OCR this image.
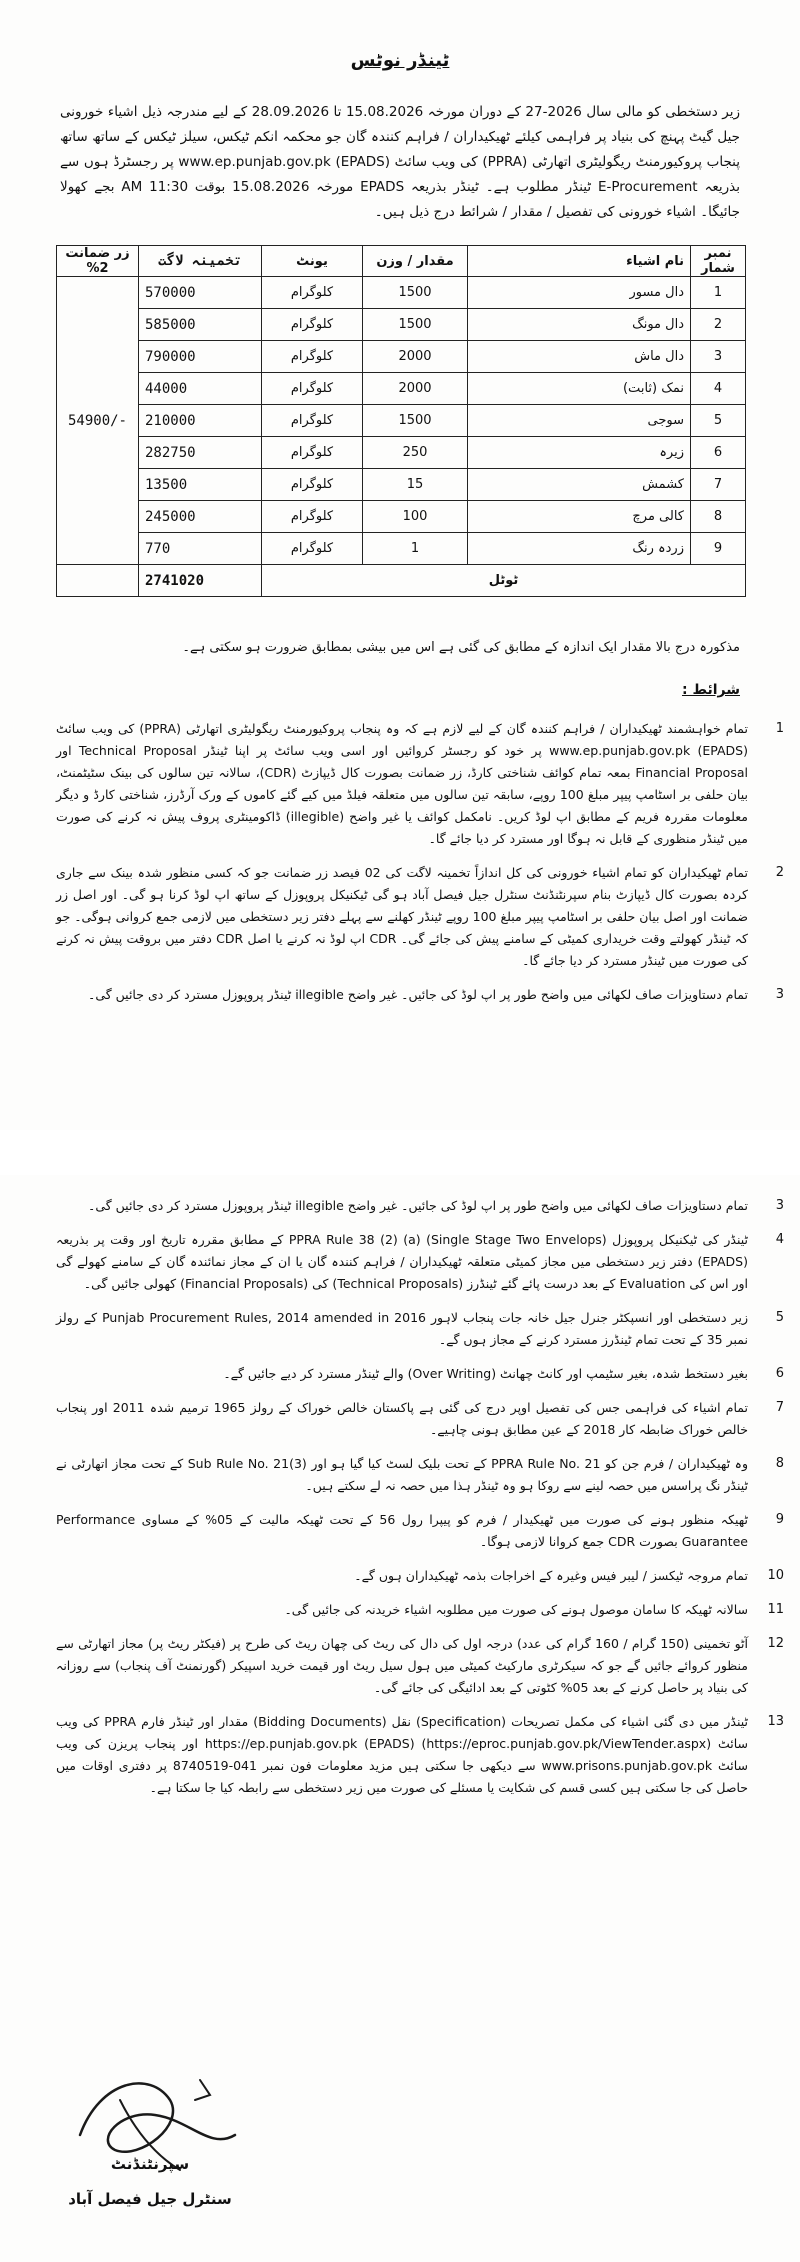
ٹینڈر نوٹس
زیر دستخطی کو مالی سال 2026-27 کے دوران مورخہ 15.08.2026 تا 28.09.2026 کے لیے مندرجہ ذیل اشیاء خورونی جیل گیٹ پہنچ کی بنیاد پر فراہمی کیلئے ٹھیکیداران / فراہم کنندہ گان جو محکمہ انکم ٹیکس، سیلز ٹیکس کے ساتھ ساتھ پنجاب پروکیورمنٹ ریگولیٹری اتھارٹی (PPRA) کی ویب سائٹ (EPADS) www.ep.punjab.gov.pk پر رجسٹرڈ ہوں سے بذریعہ E-Procurement ٹینڈر مطلوب ہے۔ ٹینڈر بذریعہ EPADS مورخہ 15.08.2026 بوقت 11:30 AM بجے کھولا جائیگا۔ اشیاء خورونی کی تفصیل / مقدار / شرائط درج ذیل ہیں۔
نمبر شمار	نام اشیاء	مقدار / وزن	یونٹ	تخمینہ لاگت	زر ضمانت 2%
1	دال مسور	1500	کلوگرام	570000	54900/-
2	دال مونگ	1500	کلوگرام	585000	
3	دال ماش	2000	کلوگرام	790000	
4	نمک (ثابت)	2000	کلوگرام	44000	
5	سوجی	1500	کلوگرام	210000	
6	زیرہ	250	کلوگرام	282750	
7	کشمش	15	کلوگرام	13500	
8	کالی مرچ	100	کلوگرام	245000	
9	زردہ رنگ	1	کلوگرام	770	
ٹوٹل				2741020	
مذکورہ درج بالا مقدار ایک اندازہ کے مطابق کی گئی ہے اس میں بیشی بمطابق ضرورت ہو سکتی ہے۔
شرائط :
1
تمام خواہشمند ٹھیکیداران / فراہم کنندہ گان کے لیے لازم ہے کہ وہ پنجاب پروکیورمنٹ ریگولیٹری اتھارٹی (PPRA) کی ویب سائٹ www.ep.punjab.gov.pk (EPADS) پر خود کو رجسٹر کروائیں اور اسی ویب سائٹ پر اپنا ٹینڈر Technical Proposal اور Financial Proposal بمعہ تمام کوائف شناختی کارڈ، زر ضمانت بصورت کال ڈیپازٹ (CDR)، سالانہ تین سالوں کی بینک سٹیٹمنٹ، بیان حلفی بر اسٹامپ پیپر مبلغ 100 روپے، سابقہ تین سالوں میں متعلقہ فیلڈ میں کیے گئے کاموں کے ورک آرڈرز، شناختی کارڈ و دیگر معلومات مقررہ فریم کے مطابق اپ لوڈ کریں۔ نامکمل کوائف یا غیر واضح (illegible) ڈاکومینٹری پروف پیش نہ کرنے کی صورت میں ٹینڈر منظوری کے قابل نہ ہوگا اور مسترد کر دیا جائے گا۔
2
تمام ٹھیکیداران کو تمام اشیاء خورونی کی کل اندازاً تخمینہ لاگت کی 02 فیصد زر ضمانت جو کہ کسی منظور شدہ بینک سے جاری کردہ بصورت کال ڈیپازٹ بنام سپرنٹنڈنٹ سنٹرل جیل فیصل آباد ہو گی ٹیکنیکل پروپوزل کے ساتھ اپ لوڈ کرنا ہو گی۔ اور اصل زر ضمانت اور اصل بیان حلفی بر اسٹامپ پیپر مبلغ 100 روپے ٹینڈر کھلنے سے پہلے دفتر زیر دستخطی میں لازمی جمع کروانی ہوگی۔ جو کہ ٹینڈر کھولتے وقت خریداری کمیٹی کے سامنے پیش کی جائے گی۔ CDR اپ لوڈ نہ کرنے یا اصل CDR دفتر میں بروقت پیش نہ کرنے کی صورت میں ٹینڈر مسترد کر دیا جائے گا۔
3
تمام دستاویزات صاف لکھائی میں واضح طور پر اپ لوڈ کی جائیں۔ غیر واضح illegible ٹینڈر پروپوزل مسترد کر دی جائیں گی۔
3
تمام دستاویزات صاف لکھائی میں واضح طور پر اپ لوڈ کی جائیں۔ غیر واضح illegible ٹینڈر پروپوزل مسترد کر دی جائیں گی۔
4
ٹینڈر کی ٹیکنیکل پروپوزل PPRA Rule 38 (2) (a) (Single Stage Two Envelops) کے مطابق مقررہ تاریخ اور وقت پر بذریعہ (EPADS) دفتر زیر دستخطی میں مجاز کمیٹی متعلقہ ٹھیکیداران / فراہم کنندہ گان یا ان کے مجاز نمائندہ گان کے سامنے کھولے گی اور اس کی Evaluation کے بعد درست پائے گئے ٹینڈرز (Technical Proposals) کی (Financial Proposals) کھولی جائیں گی۔
5
زیر دستخطی اور انسپکٹر جنرل جیل خانہ جات پنجاب لاہور Punjab Procurement Rules, 2014 amended in 2016 کے رولز نمبر 35 کے تحت تمام ٹینڈرز مسترد کرنے کے مجاز ہوں گے۔
6
بغیر دستخط شدہ، بغیر سٹیمپ اور کانٹ چھانٹ (Over Writing) والے ٹینڈر مسترد کر دیے جائیں گے۔
7
تمام اشیاء کی فراہمی جس کی تفصیل اوپر درج کی گئی ہے پاکستان خالص خوراک کے رولز 1965 ترمیم شدہ 2011 اور پنجاب خالص خوراک ضابطہ کار 2018 کے عین مطابق ہونی چاہیے۔
8
وہ ٹھیکیداران / فرم جن کو PPRA Rule No. 21 کے تحت بلیک لسٹ کیا گیا ہو اور Sub Rule No. 21(3) کے تحت مجاز اتھارٹی نے ٹینڈر نگ پراسس میں حصہ لینے سے روکا ہو وہ ٹینڈر ہذا میں حصہ نہ لے سکتے ہیں۔
9
ٹھیکہ منظور ہونے کی صورت میں ٹھیکیدار / فرم کو پیپرا رول 56 کے تحت ٹھیکہ مالیت کے 05% کے مساوی Performance Guarantee بصورت CDR جمع کروانا لازمی ہوگا۔
10
تمام مروجہ ٹیکسز / لیبر فیس وغیرہ کے اخراجات بذمہ ٹھیکیداران ہوں گے۔
11
سالانہ ٹھیکہ کا سامان موصول ہونے کی صورت میں مطلوبہ اشیاء خریدنہ کی جائیں گی۔
12
آٹو تخمینی (150 گرام / 160 گرام کی عدد) درجہ اول کی دال کی ریٹ کی چھان ریٹ کی طرح پر (فیکٹر ریٹ پر) مجاز اتھارٹی سے منظور کروائے جائیں گے جو کہ سیکرٹری مارکیٹ کمیٹی میں ہول سیل ریٹ اور قیمت خرید اسپیکر (گورنمنٹ آف پنجاب) سے روزانہ کی بنیاد پر حاصل کرنے کے بعد 05% کٹوتی کے بعد ادائیگی کی جائے گی۔
13
ٹینڈر میں دی گئی اشیاء کی مکمل تصریحات (Specification) نقل (Bidding Documents) مقدار اور ٹینڈر فارم PPRA کی ویب سائٹ https://ep.punjab.gov.pk (EPADS) (https://eproc.punjab.gov.pk/ViewTender.aspx) اور پنجاب پریزن کی ویب سائٹ www.prisons.punjab.gov.pk سے دیکھی جا سکتی ہیں مزید معلومات فون نمبر 041-8740519 پر دفتری اوقات میں حاصل کی جا سکتی ہیں کسی قسم کی شکایت یا مسئلے کی صورت میں زیر دستخطی سے رابطہ کیا جا سکتا ہے۔
سپرنٹنڈنٹ
سنٹرل جیل فیصل آباد
